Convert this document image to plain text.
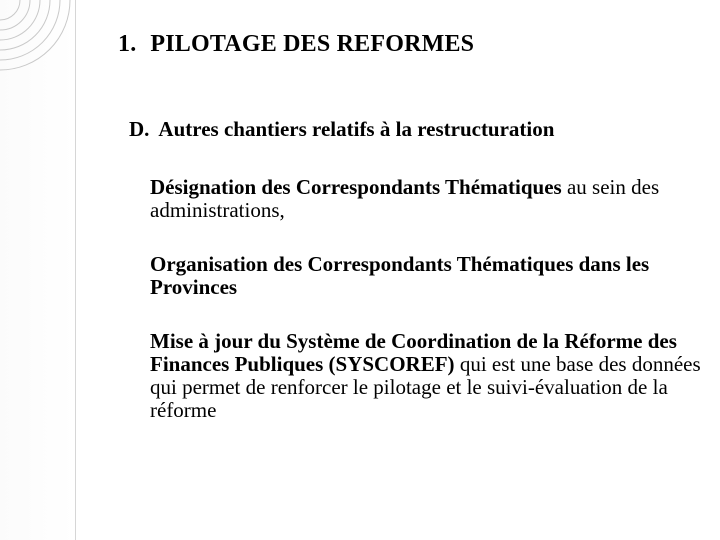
1. PILOTAGE DES REFORMES
D. Autres chantiers relatifs à la restructuration
Désignation des Correspondants Thématiques au sein des administrations,
Organisation des Correspondants Thématiques dans les Provinces
Mise à jour du Système de Coordination de la Réforme des Finances Publiques (SYSCOREF) qui est une base des données qui permet de renforcer le pilotage et le suivi-évaluation de la réforme
